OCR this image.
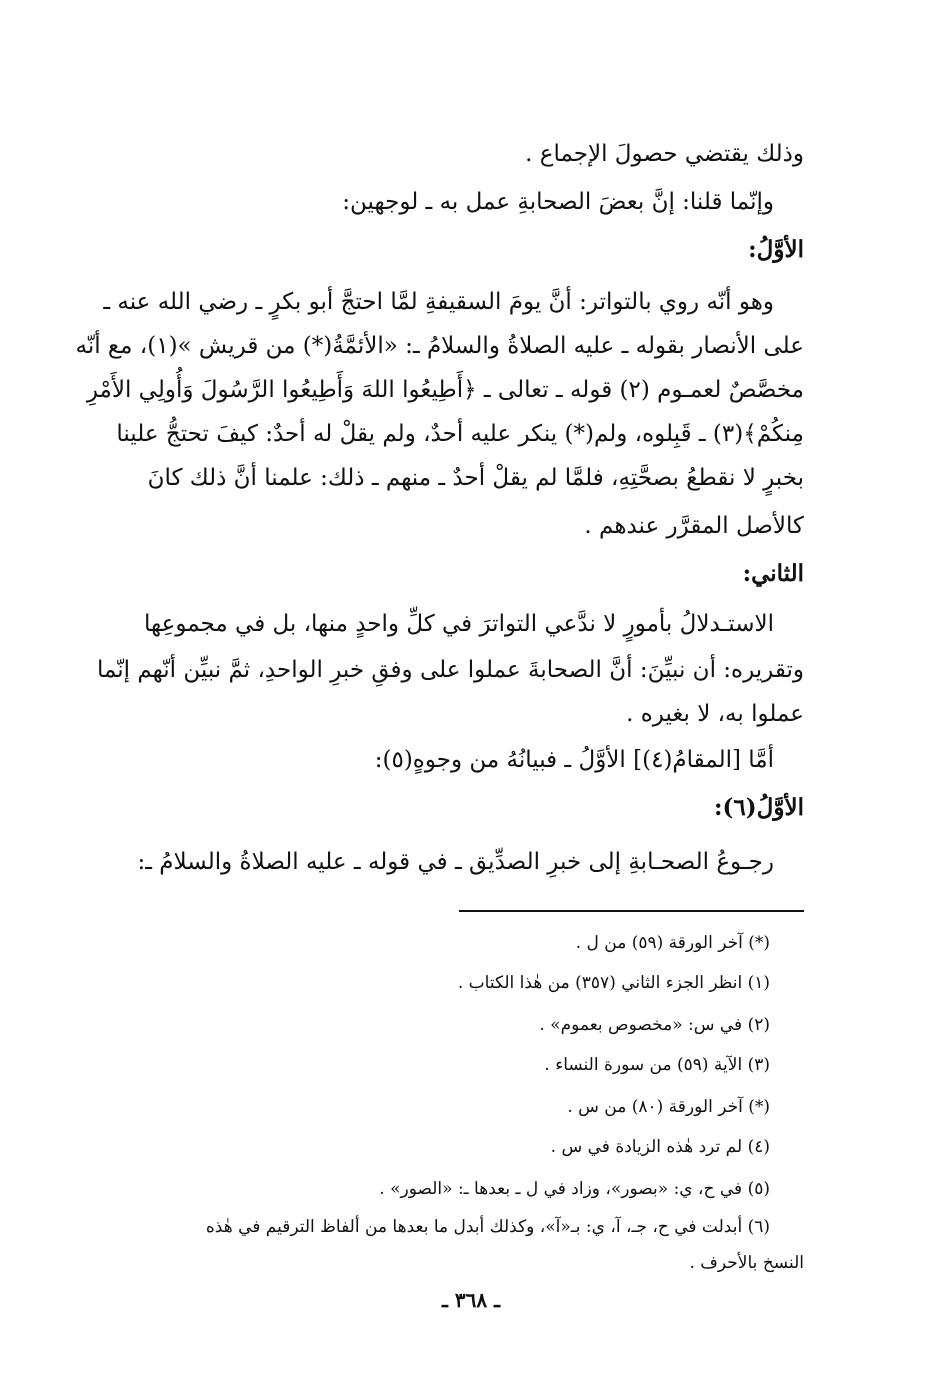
وذلك يقتضي حصولَ الإجماع .
وإنّما قلنا: إنَّ بعضَ الصحابةِ عمل به ـ لوجهين:
الأوَّلُ:
وهو أنّه روي بالتواتر: أنَّ يومَ السقيفةِ لمَّا احتجَّ أبو بكرٍ ـ رضي الله عنه ـ
على الأنصار بقوله ـ عليه الصلاةُ والسلامُ ـ: «الأئمَّةُ(*) من قريش »(١)، مع أنّه
مخصَّصٌ لعمـوم (٢) قوله ـ تعالى ـ ﴿أَطِيعُوا اللهَ وَأَطِيعُوا الرَّسُولَ وَأُولِي الأَمْرِ
مِنكُمْ﴾(٣) ـ قَبِلوه، ولم(*) ينكر عليه أحدٌ، ولم يقلْ له أحدٌ: كيفَ تحتجُّ علينا
بخبرٍ لا نقطعُ بصحَّتِهِ، فلمَّا لم يقلْ أحدٌ ـ منهم ـ ذلك: علمنا أنَّ ذلك كانَ
كالأصل المقرَّر عندهم .
الثاني:
الاستـدلالُ بأمورٍ لا ندَّعي التواترَ في كلِّ واحدٍ منها، بل في مجموعِها
وتقريره: أن نبيِّنَ: أنَّ الصحابةَ عملوا على وفقِ خبرِ الواحدِ، ثمَّ نبيِّن أنّهم إنّما
عملوا به، لا بغيره .
أمَّا [المقامُ(٤)] الأوَّلُ ـ فبيانُهُ من وجوهٍ(٥):
الأوَّلُ(٦):
رجـوعُ الصحـابةِ إلى خبرِ الصدِّيق ـ في قوله ـ عليه الصلاةُ والسلامُ ـ:
(*) آخر الورقة (٥٩) من ل .
(١) انظر الجزء الثاني (٣٥٧) من هٰذا الكتاب .
(٢) في س: «مخصوص بعموم» .
(٣) الآية (٥٩) من سورة النساء .
(*) آخر الورقة (٨٠) من س .
(٤) لم ترد هٰذه الزيادة في س .
(٥) في ح، ي: «بصور»، وزاد في ل ـ بعدها ـ: «الصور» .
(٦) أبدلت في ح، جـ، آ، ي: بـ«آ»، وكذلك أبدل ما بعدها من ألفاظ الترقيم في هٰذه
النسخ بالأحرف .
ـ ٣٦٨ ـ
